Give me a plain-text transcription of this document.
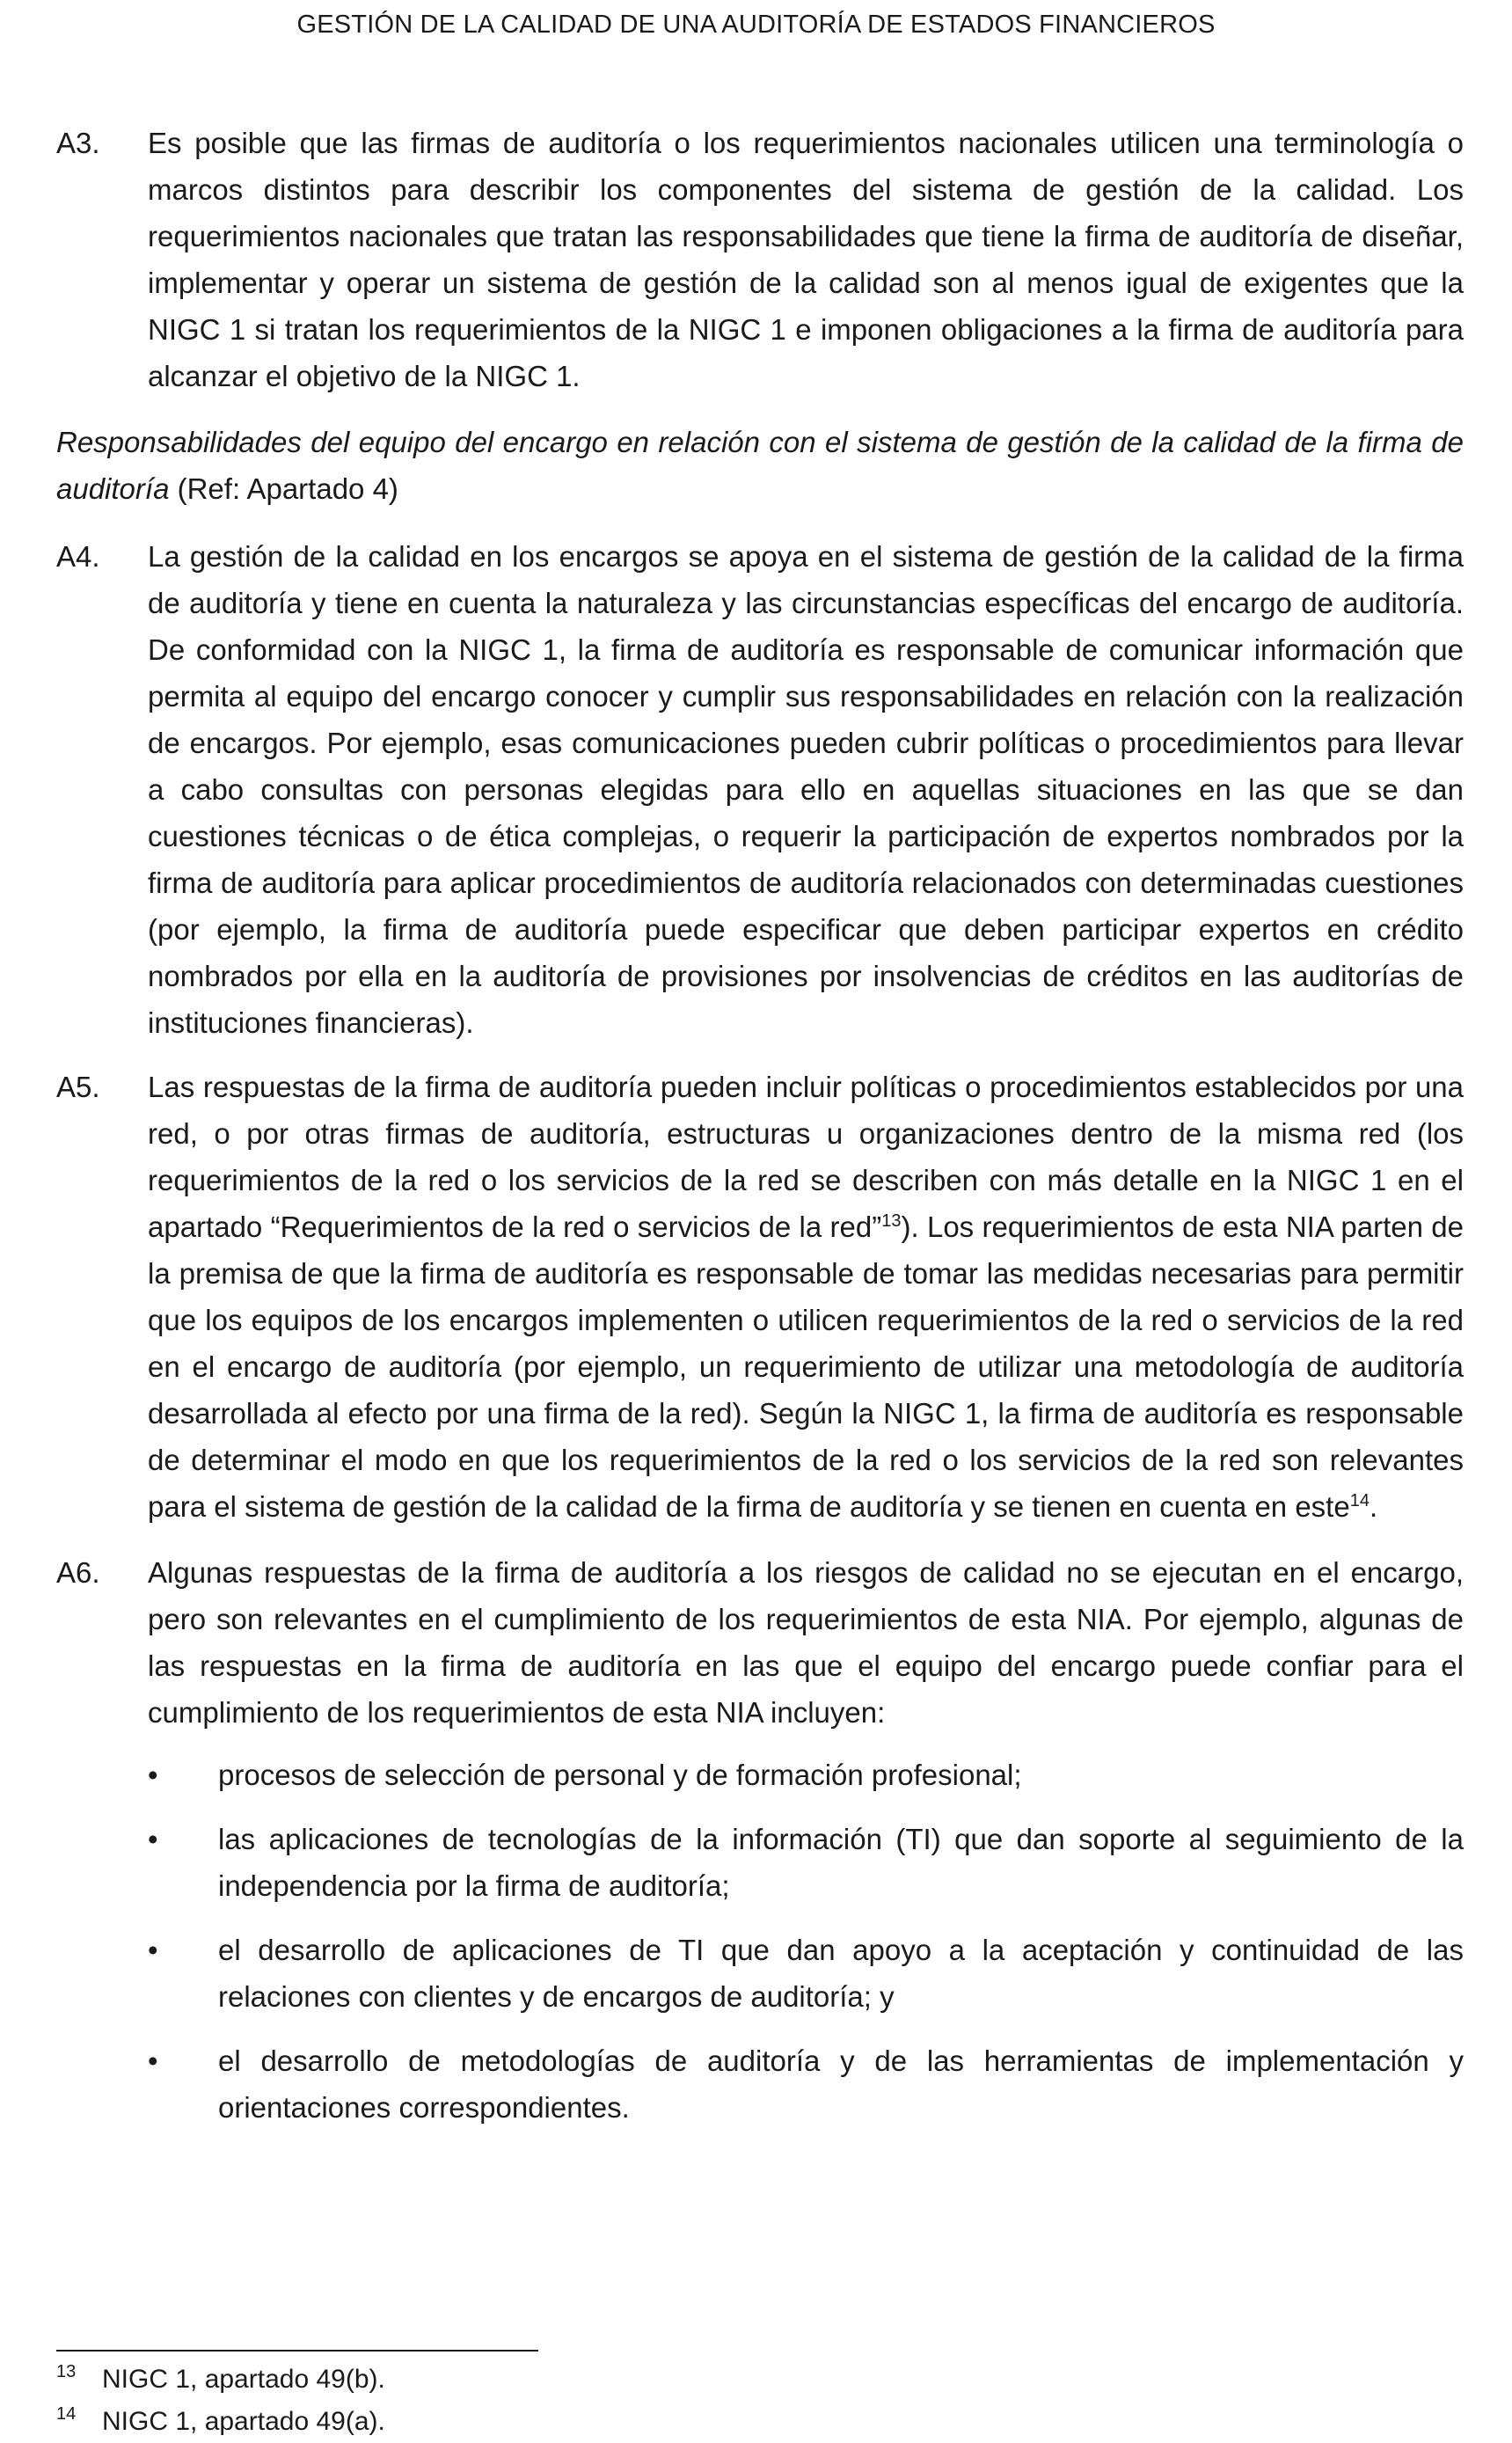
GESTIÓN DE LA CALIDAD DE UNA AUDITORÍA DE ESTADOS FINANCIEROS
A3.	Es posible que las firmas de auditoría o los requerimientos nacionales utilicen una terminología o marcos distintos para describir los componentes del sistema de gestión de la calidad. Los requerimientos nacionales que tratan las responsabilidades que tiene la firma de auditoría de diseñar, implementar y operar un sistema de gestión de la calidad son al menos igual de exigentes que la NIGC 1 si tratan los requerimientos de la NIGC 1 e imponen obligaciones a la firma de auditoría para alcanzar el objetivo de la NIGC 1.
Responsabilidades del equipo del encargo en relación con el sistema de gestión de la calidad de la firma de auditoría (Ref: Apartado 4)
A4.	La gestión de la calidad en los encargos se apoya en el sistema de gestión de la calidad de la firma de auditoría y tiene en cuenta la naturaleza y las circunstancias específicas del encargo de auditoría. De conformidad con la NIGC 1, la firma de auditoría es responsable de comunicar información que permita al equipo del encargo conocer y cumplir sus responsabilidades en relación con la realización de encargos. Por ejemplo, esas comunicaciones pueden cubrir políticas o procedimientos para llevar a cabo consultas con personas elegidas para ello en aquellas situaciones en las que se dan cuestiones técnicas o de ética complejas, o requerir la participación de expertos nombrados por la firma de auditoría para aplicar procedimientos de auditoría relacionados con determinadas cuestiones (por ejemplo, la firma de auditoría puede especificar que deben participar expertos en crédito nombrados por ella en la auditoría de provisiones por insolvencias de créditos en las auditorías de instituciones financieras).
A5.	Las respuestas de la firma de auditoría pueden incluir políticas o procedimientos establecidos por una red, o por otras firmas de auditoría, estructuras u organizaciones dentro de la misma red (los requerimientos de la red o los servicios de la red se describen con más detalle en la NIGC 1 en el apartado “Requerimientos de la red o servicios de la red”$^{13}$). Los requerimientos de esta NIA parten de la premisa de que la firma de auditoría es responsable de tomar las medidas necesarias para permitir que los equipos de los encargos implementen o utilicen requerimientos de la red o servicios de la red en el encargo de auditoría (por ejemplo, un requerimiento de utilizar una metodología de auditoría desarrollada al efecto por una firma de la red). Según la NIGC 1, la firma de auditoría es responsable de determinar el modo en que los requerimientos de la red o los servicios de la red son relevantes para el sistema de gestión de la calidad de la firma de auditoría y se tienen en cuenta en este$^{14}$.
A6.	Algunas respuestas de la firma de auditoría a los riesgos de calidad no se ejecutan en el encargo, pero son relevantes en el cumplimiento de los requerimientos de esta NIA. Por ejemplo, algunas de las respuestas en la firma de auditoría en las que el equipo del encargo puede confiar para el cumplimiento de los requerimientos de esta NIA incluyen:
•	procesos de selección de personal y de formación profesional;
•	las aplicaciones de tecnologías de la información (TI) que dan soporte al seguimiento de la independencia por la firma de auditoría;
•	el desarrollo de aplicaciones de TI que dan apoyo a la aceptación y continuidad de las relaciones con clientes y de encargos de auditoría; y
•	el desarrollo de metodologías de auditoría y de las herramientas de implementación y orientaciones correspondientes.
13 NIGC 1, apartado 49(b).
14 NIGC 1, apartado 49(a).
